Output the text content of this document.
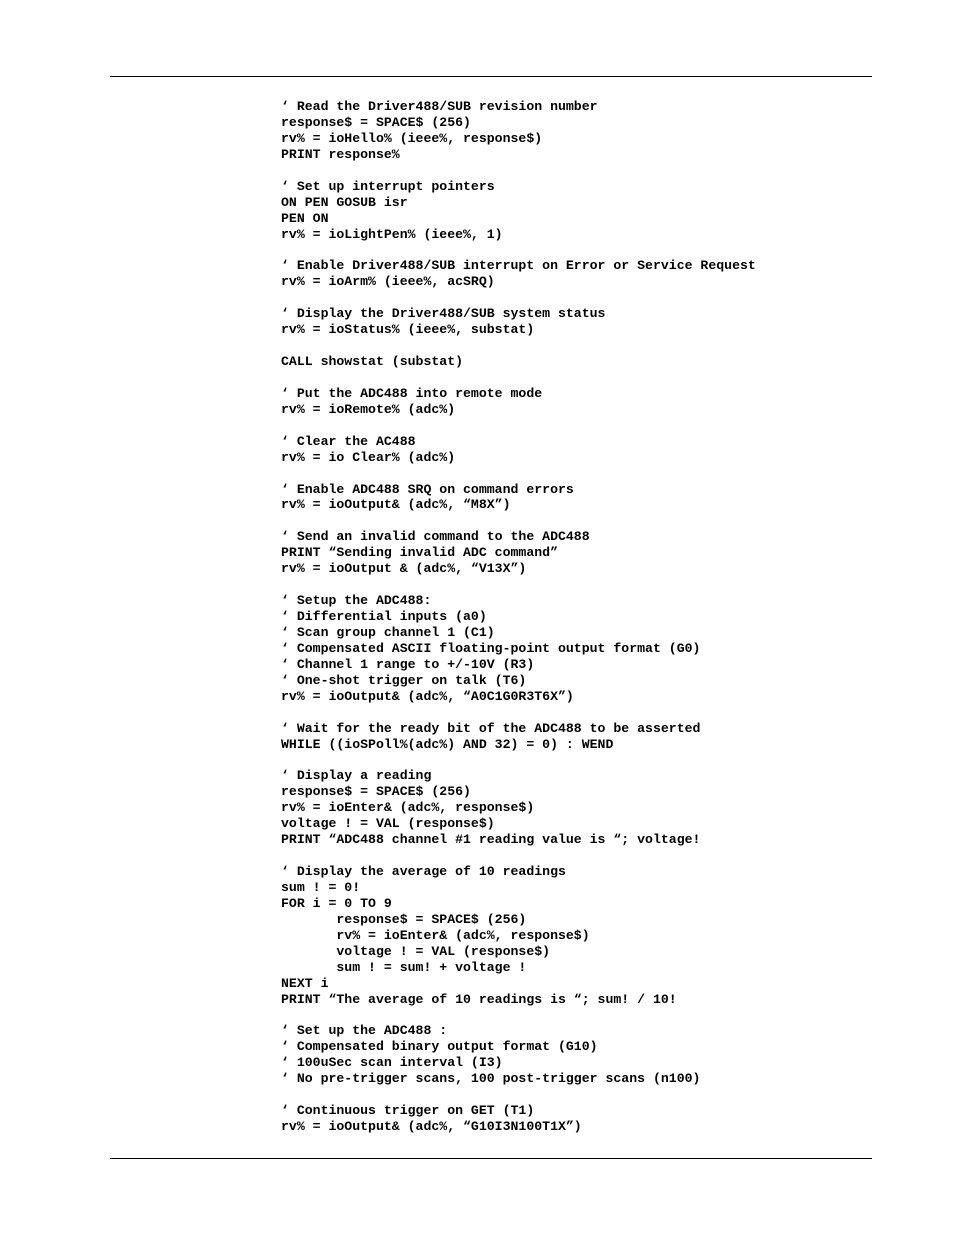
‘ Read the Driver488/SUB revision number
response$ = SPACE$ (256)
rv% = ioHello% (ieee%, response$)
PRINT response%
‘ Set up interrupt pointers
ON PEN GOSUB isr
PEN ON
rv% = ioLightPen% (ieee%, 1)
‘ Enable Driver488/SUB interrupt on Error or Service Request
rv% = ioArm% (ieee%, acSRQ)
‘ Display the Driver488/SUB system status
rv% = ioStatus% (ieee%, substat)
CALL showstat (substat)
‘ Put the ADC488 into remote mode
rv% = ioRemote% (adc%)
‘ Clear the AC488
rv% = io Clear% (adc%)
‘ Enable ADC488 SRQ on command errors
rv% = ioOutput& (adc%, “M8X”)
‘ Send an invalid command to the ADC488
PRINT “Sending invalid ADC command”
rv% = ioOutput & (adc%, “V13X”)
‘ Setup the ADC488:
‘ Differential inputs (a0)
‘ Scan group channel 1 (C1)
‘ Compensated ASCII floating-point output format (G0)
‘ Channel 1 range to +/-10V (R3)
‘ One-shot trigger on talk (T6)
rv% = ioOutput& (adc%, “A0C1G0R3T6X”)
‘ Wait for the ready bit of the ADC488 to be asserted
WHILE ((ioSPoll%(adc%) AND 32) = 0) : WEND
‘ Display a reading
response$ = SPACE$ (256)
rv% = ioEnter& (adc%, response$)
voltage ! = VAL (response$)
PRINT “ADC488 channel #1 reading value is “; voltage!
‘ Display the average of 10 readings
sum ! = 0!
FOR i = 0 TO 9
response$ = SPACE$ (256)
rv% = ioEnter& (adc%, response$)
voltage ! = VAL (response$)
sum ! = sum! + voltage !
NEXT i
PRINT “The average of 10 readings is “; sum! / 10!
‘ Set up the ADC488 :
‘ Compensated binary output format (G10)
‘ 100uSec scan interval (I3)
‘ No pre-trigger scans, 100 post-trigger scans (n100)
‘ Continuous trigger on GET (T1)
rv% = ioOutput& (adc%, “G10I3N100T1X”)
